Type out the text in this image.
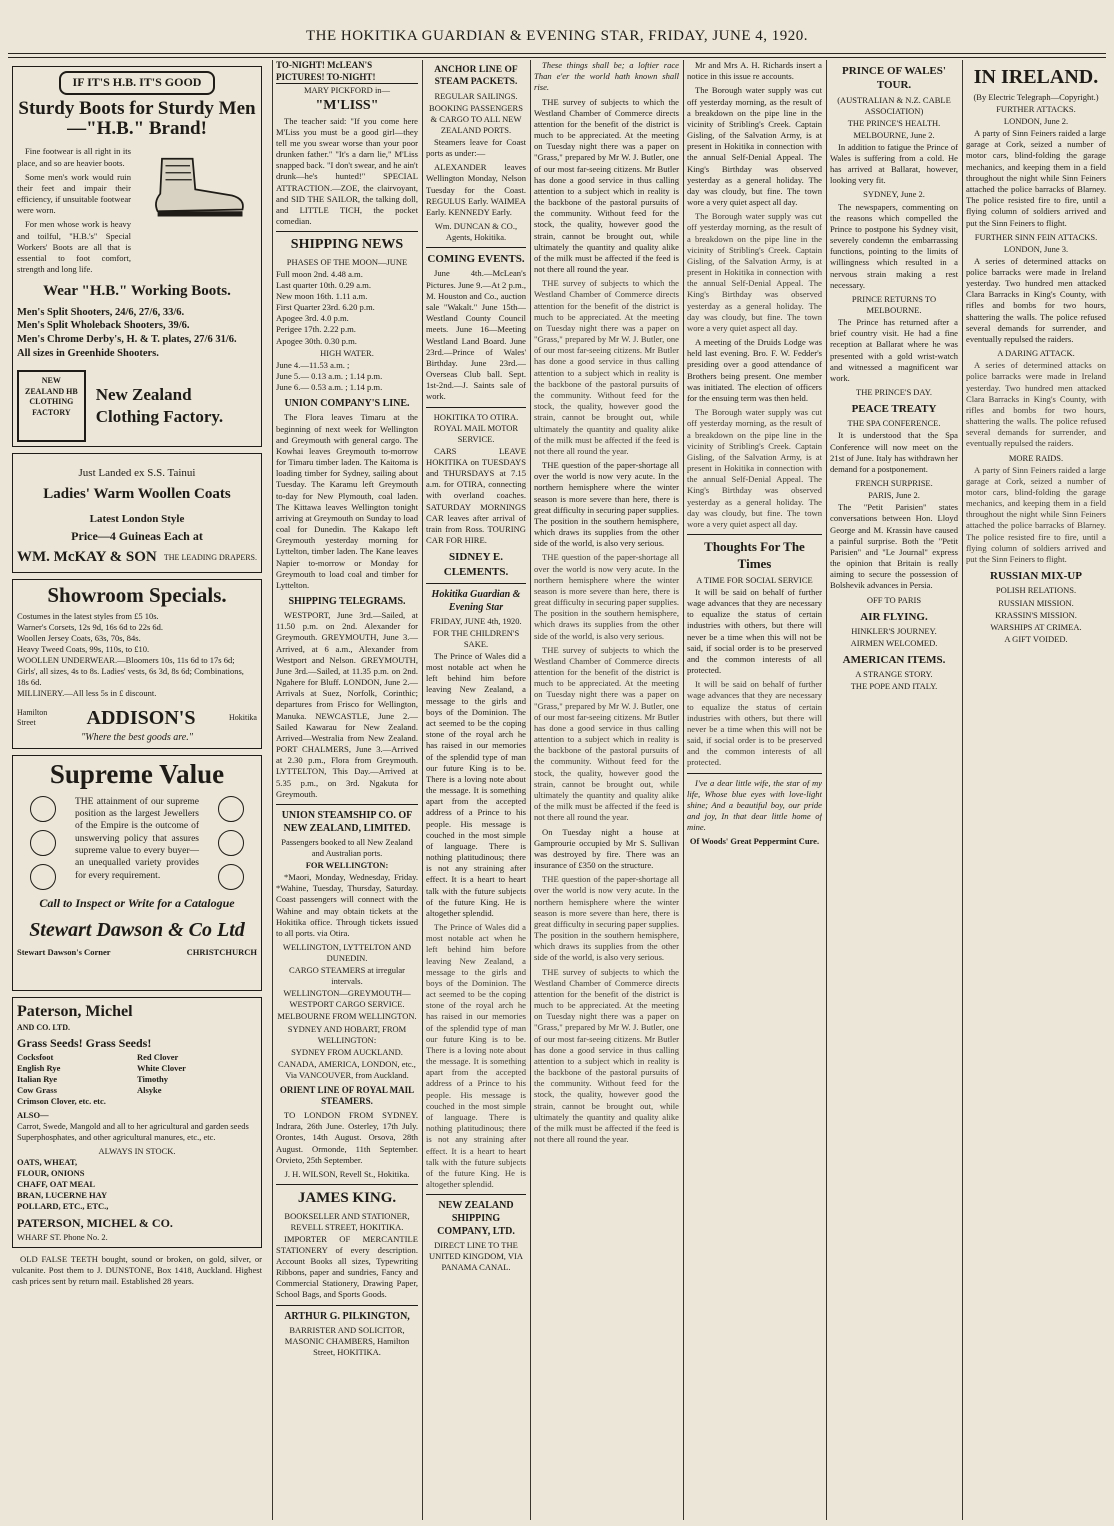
THE HOKITIKA GUARDIAN & EVENING STAR, FRIDAY, JUNE 4, 1920.
IF IT'S H.B. IT'S GOOD
Sturdy Boots for Sturdy Men—"H.B." Brand!
Fine footwear is all right in its place, and so are heavier boots.
Some men's work would ruin their feet and impair their efficiency, if unsuitable footwear were worn.
For men whose work is heavy and toilful, "H.B.'s" Special Workers' Boots are all that is essential to foot comfort, strength and long life.
Wear "H.B." Working Boots.
Men's Split Shooters, 24/6, 27/6, 33/6.
Men's Split Wholeback Shooters, 39/6.
Men's Chrome Derby's, H. & T. plates, 27/6 31/6.
All sizes in Greenhide Shooters.
NEW ZEALAND HB CLOTHING FACTORY
New Zealand Clothing Factory.
Just Landed ex S.S. Tainui
Ladies' Warm Woollen Coats
Latest London Style
Price—4 Guineas Each at
WM. McKAY & SON THE LEADING DRAPERS.
Showroom Specials.
Costumes in the latest styles from £5 10s.
Warner's Corsets, 12s 9d, 16s 6d to 22s 6d.
Woollen Jersey Coats, 63s, 70s, 84s.
Heavy Tweed Coats, 99s, 110s, to £10.
WOOLLEN UNDERWEAR.—Bloomers 10s, 11s 6d to 17s 6d; Girls', all sizes, 4s to 8s. Ladies' vests, 6s 3d, 8s 6d; Combinations, 18s 6d.
MILLINERY.—All less 5s in £ discount.
Hamilton Street	ADDISON'S	Hokitika
"Where the best goods are."
Supreme Value
THE attainment of our supreme position as the largest Jewellers of the Empire is the outcome of unswerving policy that assures supreme value to every buyer—an unequalled variety provides for every requirement.
Call to Inspect or Write for a Catalogue
Stewart Dawson & Co Ltd
Stewart Dawson's Corner	CHRISTCHURCH
Paterson, Michel
AND CO. LTD.
Grass Seeds! Grass Seeds!
Cocksfoot	Red Clover
English Rye	White Clover
Italian Rye	Timothy
Cow Grass	Alsyke
Crimson Clover, etc. etc.
ALSO—
Carrot, Swede, Mangold and all to her agricultural and garden seeds Superphosphates, and other agricultural manures, etc., etc.
ALWAYS IN STOCK.
OATS, WHEAT,
FLOUR, ONIONS
CHAFF, OAT MEAL
BRAN, LUCERNE HAY
POLLARD, ETC., ETC.,
PATERSON, MICHEL & CO.
WHARF ST. Phone No. 2.
OLD FALSE TEETH bought, sound or broken, on gold, silver, or vulcanite. Post them to J. DUNSTONE, Box 1418, Auckland. Highest cash prices sent by return mail. Established 28 years.
TO-NIGHT! McLEAN'S PICTURES! TO-NIGHT!
MARY PICKFORD in—
"M'LISS"
The teacher said: "If you come here M'Liss you must be a good girl—they tell me you swear worse than your poor drunken father." "It's a darn lie," M'Liss snapped back. "I don't swear, and he ain't drunk—he's hunted!" SPECIAL ATTRACTION.—ZOE, the clairvoyant, and SID THE SAILOR, the talking doll, and LITTLE TICH, the pocket comedian.
SHIPPING NEWS
PHASES OF THE MOON—JUNE
Full moon 2nd. 4.48 a.m.
Last quarter 10th. 0.29 a.m.
New moon 16th. 1.11 a.m.
First Quarter 23rd. 6.20 p.m.
Apogee 3rd. 4.0 p.m.
Perigee 17th. 2.22 p.m.
Apogee 30th. 0.30 p.m.
HIGH WATER.
June 4.—11.53 a.m. ;
June 5.— 0.13 a.m. ; 1.14 p.m.
June 6.— 0.53 a.m. ; 1.14 p.m.
UNION COMPANY'S LINE.
The Flora leaves Timaru at the beginning of next week for Wellington and Greymouth with general cargo. The Kowhai leaves Greymouth to-morrow for Timaru timber laden. The Kaitoma is loading timber for Sydney, sailing about Tuesday. The Karamu left Greymouth to-day for New Plymouth, coal laden. The Kittawa leaves Wellington tonight arriving at Greymouth on Sunday to load coal for Dunedin. The Kakapo left Greymouth yesterday morning for Lyttelton, timber laden. The Kane leaves Napier to-morrow or Monday for Greymouth to load coal and timber for Lyttelton.
SHIPPING TELEGRAMS.
WESTPORT, June 3rd.—Sailed, at 11.50 p.m. on 2nd. Alexander for Greymouth. GREYMOUTH, June 3.—Arrived, at 6 a.m., Alexander from Westport and Nelson. GREYMOUTH, June 3rd.—Sailed, at 11.35 p.m. on 2nd. Ngahere for Bluff. LONDON, June 2.—Arrivals at Suez, Norfolk, Corinthic; departures from Frisco for Wellington, Manuka. NEWCASTLE, June 2.—Sailed Kawarau for New Zealand. Arrived—Westralia from New Zealand. PORT CHALMERS, June 3.—Arrived at 2.30 p.m., Flora from Greymouth. LYTTELTON, This Day.—Arrived at 5.35 p.m., on 3rd. Ngakuta for Greymouth.
UNION STEAMSHIP CO. OF NEW ZEALAND, LIMITED.
Passengers booked to all New Zealand and Australian ports.
FOR WELLINGTON:
*Maori, Monday, Wednesday, Friday. *Wahine, Tuesday, Thursday, Saturday. Coast passengers will connect with the Wahine and may obtain tickets at the Hokitika office. Through tickets issued to all ports. via Otira.
WELLINGTON, LYTTELTON AND DUNEDIN.
CARGO STEAMERS at irregular intervals.
WELLINGTON—GREYMOUTH—WESTPORT CARGO SERVICE.
MELBOURNE FROM WELLINGTON.
SYDNEY AND HOBART, FROM WELLINGTON:
SYDNEY FROM AUCKLAND.
CANADA, AMERICA, LONDON, etc., Via VANCOUVER, from Auckland.
ORIENT LINE OF ROYAL MAIL STEAMERS.
TO LONDON FROM SYDNEY. Indrara, 26th June. Osterley, 17th July. Orontes, 14th August. Orsova, 28th August. Ormonde, 11th September. Orvieto, 25th September.
J. H. WILSON, Revell St., Hokitika.
JAMES KING.
BOOKSELLER AND STATIONER, REVELL STREET, HOKITIKA.
IMPORTER OF MERCANTILE STATIONERY of every description. Account Books all sizes, Typewriting Ribbons, paper and sundries, Fancy and Commercial Stationery, Drawing Paper, School Bags, and Sports Goods.
ARTHUR G. PILKINGTON,
BARRISTER AND SOLICITOR, MASONIC CHAMBERS, Hamilton Street, HOKITIKA.
ANCHOR LINE OF STEAM PACKETS.
REGULAR SAILINGS.
BOOKING PASSENGERS & CARGO TO ALL NEW ZEALAND PORTS.
Steamers leave for Coast ports as under:—
ALEXANDER leaves Wellington Monday, Nelson Tuesday for the Coast. REGULUS Early. WAIMEA Early. KENNEDY Early.
Wm. DUNCAN & CO., Agents, Hokitika.
COMING EVENTS.
June 4th.—McLean's Pictures. June 9.—At 2 p.m., M. Houston and Co., auction sale "Wakalt." June 15th—Westland County Council meets. June 16—Meeting Westland Land Board. June 23rd.—Prince of Wales' Birthday. June 23rd.—Overseas Club ball. Sept. 1st-2nd.—J. Saints sale of work.
HOKITIKA TO OTIRA. ROYAL MAIL MOTOR SERVICE.
CARS LEAVE HOKITIKA on TUESDAYS and THURSDAYS at 7.15 a.m. for OTIRA, connecting with overland coaches. SATURDAY MORNINGS CAR leaves after arrival of train from Ross. TOURING CAR FOR HIRE.
SIDNEY E. CLEMENTS.
Hokitika Guardian & Evening Star
FRIDAY, JUNE 4th, 1920.
FOR THE CHILDREN'S SAKE.
The Prince of Wales did a most notable act when he left behind him before leaving New Zealand, a message to the girls and boys of the Dominion. The act seemed to be the coping stone of the royal arch he has raised in our memories of the splendid type of man our future King is to be. There is a loving note about the message. It is something apart from the accepted address of a Prince to his people. His message is couched in the most simple of language. There is nothing platitudinous; there is not any straining after effect. It is a heart to heart talk with the future subjects of the future King. He is altogether splendid.
The Prince of Wales did a most notable act when he left behind him before leaving New Zealand, a message to the girls and boys of the Dominion. The act seemed to be the coping stone of the royal arch he has raised in our memories of the splendid type of man our future King is to be. There is a loving note about the message. It is something apart from the accepted address of a Prince to his people. His message is couched in the most simple of language. There is nothing platitudinous; there is not any straining after effect. It is a heart to heart talk with the future subjects of the future King. He is altogether splendid.
NEW ZEALAND SHIPPING COMPANY, LTD.
DIRECT LINE TO THE UNITED KINGDOM, VIA PANAMA CANAL.
These things shall be; a loftier race Than e'er the world hath known shall rise.
THE survey of subjects to which the Westland Chamber of Commerce directs attention for the benefit of the district is much to be appreciated. At the meeting on Tuesday night there was a paper on "Grass," prepared by Mr W. J. Butler, one of our most far-seeing citizens. Mr Butler has done a good service in thus calling attention to a subject which in reality is the backbone of the pastoral pursuits of the community. Without feed for the stock, the quality, however good the strain, cannot be brought out, while ultimately the quantity and quality alike of the milk must be affected if the feed is not there all round the year.
THE survey of subjects to which the Westland Chamber of Commerce directs attention for the benefit of the district is much to be appreciated. At the meeting on Tuesday night there was a paper on "Grass," prepared by Mr W. J. Butler, one of our most far-seeing citizens. Mr Butler has done a good service in thus calling attention to a subject which in reality is the backbone of the pastoral pursuits of the community. Without feed for the stock, the quality, however good the strain, cannot be brought out, while ultimately the quantity and quality alike of the milk must be affected if the feed is not there all round the year.
THE question of the paper-shortage all over the world is now very acute. In the northern hemisphere where the winter season is more severe than here, there is great difficulty in securing paper supplies. The position in the southern hemisphere, which draws its supplies from the other side of the world, is also very serious.
THE question of the paper-shortage all over the world is now very acute. In the northern hemisphere where the winter season is more severe than here, there is great difficulty in securing paper supplies. The position in the southern hemisphere, which draws its supplies from the other side of the world, is also very serious.
THE survey of subjects to which the Westland Chamber of Commerce directs attention for the benefit of the district is much to be appreciated. At the meeting on Tuesday night there was a paper on "Grass," prepared by Mr W. J. Butler, one of our most far-seeing citizens. Mr Butler has done a good service in thus calling attention to a subject which in reality is the backbone of the pastoral pursuits of the community. Without feed for the stock, the quality, however good the strain, cannot be brought out, while ultimately the quantity and quality alike of the milk must be affected if the feed is not there all round the year.
On Tuesday night a house at Gamprourie occupied by Mr S. Sullivan was destroyed by fire. There was an insurance of £350 on the structure.
THE question of the paper-shortage all over the world is now very acute. In the northern hemisphere where the winter season is more severe than here, there is great difficulty in securing paper supplies. The position in the southern hemisphere, which draws its supplies from the other side of the world, is also very serious.
THE survey of subjects to which the Westland Chamber of Commerce directs attention for the benefit of the district is much to be appreciated. At the meeting on Tuesday night there was a paper on "Grass," prepared by Mr W. J. Butler, one of our most far-seeing citizens. Mr Butler has done a good service in thus calling attention to a subject which in reality is the backbone of the pastoral pursuits of the community. Without feed for the stock, the quality, however good the strain, cannot be brought out, while ultimately the quantity and quality alike of the milk must be affected if the feed is not there all round the year.
Mr and Mrs A. H. Richards insert a notice in this issue re accounts.
The Borough water supply was cut off yesterday morning, as the result of a breakdown on the pipe line in the vicinity of Stribling's Creek. Captain Gisling, of the Salvation Army, is at present in Hokitika in connection with the annual Self-Denial Appeal. The King's Birthday was observed yesterday as a general holiday. The day was cloudy, but fine. The town wore a very quiet aspect all day.
The Borough water supply was cut off yesterday morning, as the result of a breakdown on the pipe line in the vicinity of Stribling's Creek. Captain Gisling, of the Salvation Army, is at present in Hokitika in connection with the annual Self-Denial Appeal. The King's Birthday was observed yesterday as a general holiday. The day was cloudy, but fine. The town wore a very quiet aspect all day.
A meeting of the Druids Lodge was held last evening. Bro. F. W. Fedder's presiding over a good attendance of Brothers being present. One member was initiated. The election of officers for the ensuing term was then held.
The Borough water supply was cut off yesterday morning, as the result of a breakdown on the pipe line in the vicinity of Stribling's Creek. Captain Gisling, of the Salvation Army, is at present in Hokitika in connection with the annual Self-Denial Appeal. The King's Birthday was observed yesterday as a general holiday. The day was cloudy, but fine. The town wore a very quiet aspect all day.
Thoughts For The Times
A TIME FOR SOCIAL SERVICE
It will be said on behalf of further wage advances that they are necessary to equalize the status of certain industries with others, but there will never be a time when this will not be said, if social order is to be preserved and the common interests of all protected.
It will be said on behalf of further wage advances that they are necessary to equalize the status of certain industries with others, but there will never be a time when this will not be said, if social order is to be preserved and the common interests of all protected.
I've a dear little wife, the star of my life, Whose blue eyes with love-light shine; And a beautiful boy, our pride and joy, In that dear little home of mine.
Of Woods' Great Peppermint Cure.
PRINCE OF WALES' TOUR.
(AUSTRALIAN & N.Z. CABLE ASSOCIATION)
THE PRINCE'S HEALTH.
MELBOURNE, June 2.
In addition to fatigue the Prince of Wales is suffering from a cold. He has arrived at Ballarat, however, looking very fit.
SYDNEY, June 2.
The newspapers, commenting on the reasons which compelled the Prince to postpone his Sydney visit, severely condemn the embarrassing functions, pointing to the limits of willingness which resulted in a nervous strain making a rest necessary.
PRINCE RETURNS TO MELBOURNE.
The Prince has returned after a brief country visit. He had a fine reception at Ballarat where he was presented with a gold wrist-watch and witnessed a magnificent war work.
THE PRINCE'S DAY.
PEACE TREATY
THE SPA CONFERENCE.
It is understood that the Spa Conference will now meet on the 21st of June. Italy has withdrawn her demand for a postponement.
FRENCH SURPRISE.
PARIS, June 2.
The "Petit Parisien" states conversations between Hon. Lloyd George and M. Krassin have caused a painful surprise. Both the "Petit Parisien" and "Le Journal" express the opinion that Britain is really aiming to secure the possession of Bolshevik advances in Persia.
OFF TO PARIS
AIR FLYING.
HINKLER'S JOURNEY.
AIRMEN WELCOMED.
AMERICAN ITEMS.
A STRANGE STORY.
THE POPE AND ITALY.
IN IRELAND.
(By Electric Telegraph—Copyright.)
FURTHER ATTACKS.
LONDON, June 2.
A party of Sinn Feiners raided a large garage at Cork, seized a number of motor cars, blind-folding the garage mechanics, and keeping them in a field throughout the night while Sinn Feiners attached the police barracks of Blarney. The police resisted fire to fire, until a flying column of soldiers arrived and put the Sinn Feiners to flight.
FURTHER SINN FEIN ATTACKS.
LONDON, June 3.
A series of determined attacks on police barracks were made in Ireland yesterday. Two hundred men attacked Clara Barracks in King's County, with rifles and bombs for two hours, shattering the walls. The police refused several demands for surrender, and eventually repulsed the raiders.
A DARING ATTACK.
A series of determined attacks on police barracks were made in Ireland yesterday. Two hundred men attacked Clara Barracks in King's County, with rifles and bombs for two hours, shattering the walls. The police refused several demands for surrender, and eventually repulsed the raiders.
MORE RAIDS.
A party of Sinn Feiners raided a large garage at Cork, seized a number of motor cars, blind-folding the garage mechanics, and keeping them in a field throughout the night while Sinn Feiners attached the police barracks of Blarney. The police resisted fire to fire, until a flying column of soldiers arrived and put the Sinn Feiners to flight.
RUSSIAN MIX-UP
POLISH RELATIONS.
RUSSIAN MISSION.
KRASSIN'S MISSION.
WARSHIPS AT CRIMEA.
A GIFT VOIDED.
